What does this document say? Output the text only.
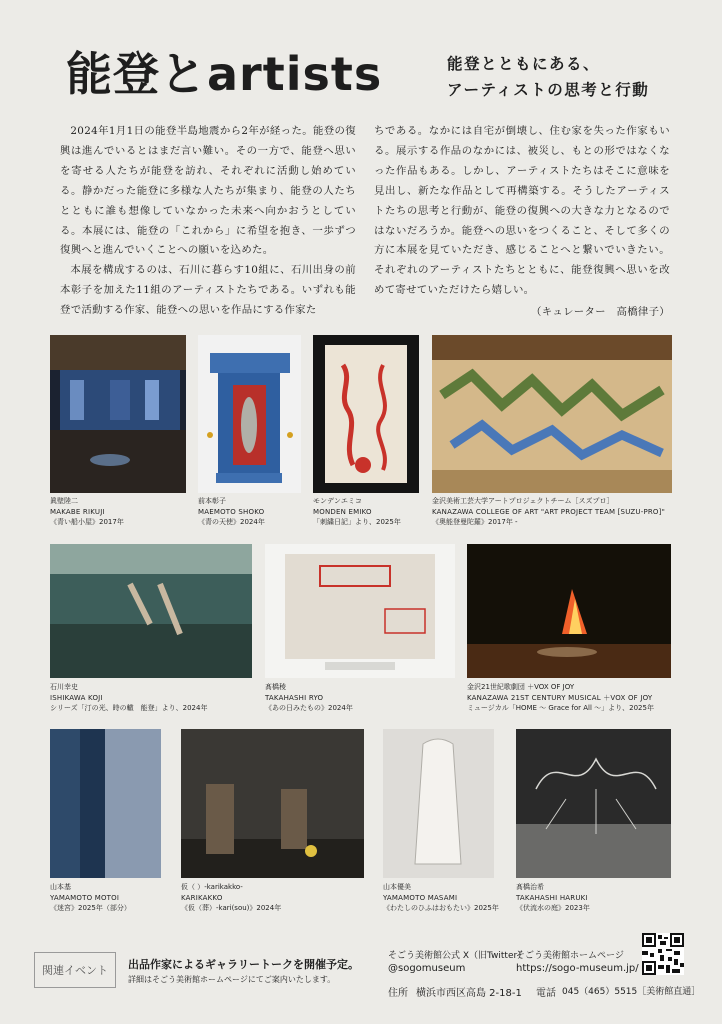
能登とartists	能登とともにある、
アーティストの思考と行動

2024年1月1日の能登半島地震から2年が経った。能登の復興は進んでいるとはまだ言い難い。その一方で、能登へ思いを寄せる人たちが能登を訪れ、それぞれに活動し始めている。静かだった能登に多様な人たちが集まり、能登の人たちとともに誰も想像していなかった未来へ向かおうとしている。本展には、能登の「これから」に希望を抱き、一歩ずつ復興へと進んでいくことへの願いを込めた。

本展を構成するのは、石川に暮らす10組に、石川出身の前本彰子を加えた11組のアーティストたちである。いずれも能登で活動する作家、能登への思いを作品にする作家た

ちである。なかには自宅が倒壊し、住む家を失った作家もいる。展示する作品のなかには、被災し、もとの形ではなくなった作品もある。しかし、アーティストたちはそこに意味を見出し、新たな作品として再構築する。そうしたアーティストたちの思考と行動が、能登の復興への大きな力となるのではないだろうか。能登への思いをつくること、そして多くの方に本展を見ていただき、感じることへと繋いでいきたい。それぞれのアーティストたちとともに、能登復興へ思いを改めて寄せていただけたら嬉しい。

（キュレーター　高橋律子）
眞壁陸二
MAKABE RIKUJI
《青い船小屋》2017年
前本彰子
MAEMOTO SHOKO
《青の天使》2024年
モンデンエミコ
MONDEN EMIKO
「刺繍日記」より、2025年
金沢美術工芸大学アートプロジェクトチーム［スズプロ］
KANAZAWA COLLEGE OF ART "ART PROJECT TEAM [SUZU-PRO]"
《奥能登曼陀羅》2017年 -
石川幸史
ISHIKAWA KOJI
シリーズ「汀の光、時の轍　能登」より、2024年
髙橋稜
TAKAHASHI RYO
《あの日みたもの》2024年
金沢21世紀歌劇団 ＋VOX OF JOY
KANAZAWA 21ST CENTURY MUSICAL ＋VOX OF JOY
ミュージカル「HOME ～ Grace for All ～」より、2025年
山本基
YAMAMOTO MOTOI
《迷宮》2025年（部分）
仮（ ）-karikakko-
KARIKAKKO
《仮（葬）-kari(sou)》2024年
山本優美
YAMAMOTO MASAMI
《わたしのひふはおもたい》2025年
髙橋治希
TAKAHASHI HARUKI
《伏流水の庭》2023年
関連イベント	出品作家によるギャラリートークを開催予定。
詳細はそごう美術館ホームページにてご案内いたします。
そごう美術館公式 X（旧Twitter）
@sogomuseum
そごう美術館ホームページ
https://sogo-museum.jp/
住所 横浜市西区高島 2-18-1 電話 045（465）5515［美術館直通］
